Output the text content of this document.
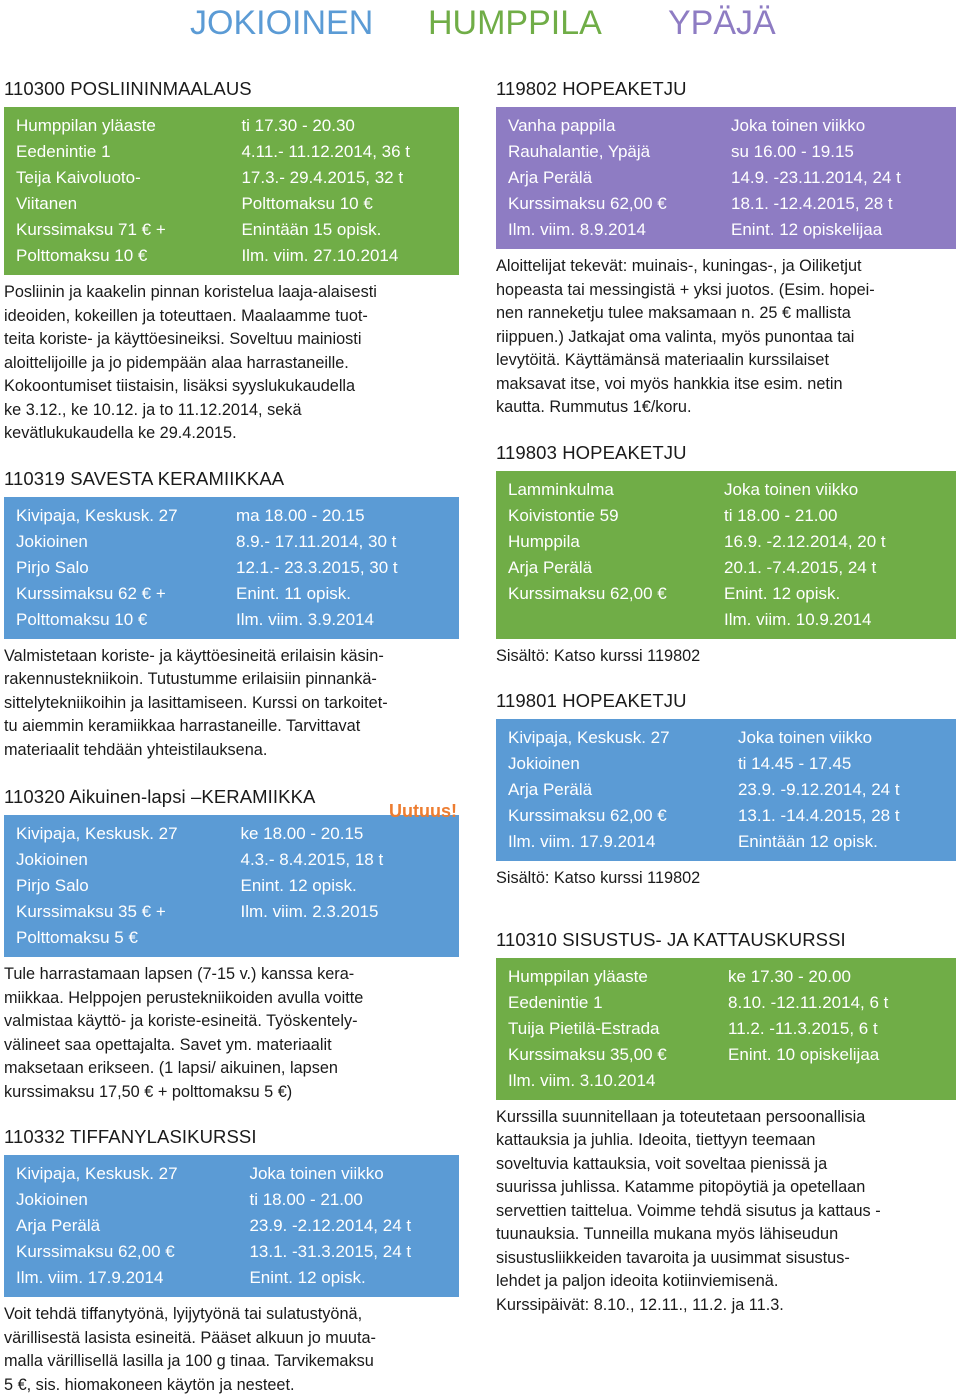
JOKIOINEN HUMPPILA YPÄJÄ
110300 POSLIININMAALAUS
Humppilan yläaste
Eedenintie 1
Teija Kaivoluoto-
Viitanen
Kurssimaksu 71 € +
Polttomaksu 10 €
ti 17.30 - 20.30
4.11.- 11.12.2014, 36 t
17.3.- 29.4.2015, 32 t
Polttomaksu 10 €
Enintään 15 opisk.
Ilm. viim. 27.10.2014
Posliinin ja kaakelin pinnan koristelua laaja-alaisesti
ideoiden, kokeillen ja toteuttaen. Maalaamme tuot-
teita koriste- ja käyttöesineiksi. Soveltuu mainiosti
aloittelijoille ja jo pidempään alaa harrastaneille.
Kokoontumiset tiistaisin, lisäksi syyslukukaudella
ke 3.12., ke 10.12. ja to 11.12.2014, sekä
kevätlukukaudella ke 29.4.2015.
110319 SAVESTA KERAMIIKKAA
Kivipaja, Keskusk. 27
Jokioinen
Pirjo Salo
Kurssimaksu 62 € +
Polttomaksu 10 €
ma 18.00 - 20.15
8.9.- 17.11.2014, 30 t
12.1.- 23.3.2015, 30 t
Enint. 11 opisk.
Ilm. viim. 3.9.2014
Valmistetaan koriste- ja käyttöesineitä erilaisin käsin-
rakennustekniikoin. Tutustumme erilaisiin pinnankä-
sittelytekniikoihin ja lasittamiseen. Kurssi on tarkoitet-
tu aiemmin keramiikkaa harrastaneille. Tarvittavat
materiaalit tehdään yhteistilauksena.
110320 Aikuinen-lapsi –KERAMIIKKA
Uutuus!
Kivipaja, Keskusk. 27
Jokioinen
Pirjo Salo
Kurssimaksu 35 € +
Polttomaksu 5 €
ke 18.00 - 20.15
4.3.- 8.4.2015, 18 t
Enint. 12 opisk.
Ilm. viim. 2.3.2015

Tule harrastamaan lapsen (7-15 v.) kanssa kera-
miikkaa. Helppojen perustekniikoiden avulla voitte
valmistaa käyttö- ja koriste-esineitä. Työskentely-
välineet saa opettajalta. Savet ym. materiaalit
maksetaan erikseen. (1 lapsi/ aikuinen, lapsen
kurssimaksu 17,50 € + polttomaksu 5 €)
110332 TIFFANYLASIKURSSI
Kivipaja, Keskusk. 27
Jokioinen
Arja Perälä
Kurssimaksu 62,00 €
Ilm. viim. 17.9.2014
Joka toinen viikko
ti 18.00 - 21.00
23.9. -2.12.2014, 24 t
13.1. -31.3.2015, 24 t
Enint. 12 opisk.
Voit tehdä tiffanytyönä, lyijytyönä tai sulatustyönä,
värillisestä lasista esineitä. Pääset alkuun jo muuta-
malla värillisellä lasilla ja 100 g tinaa. Tarvikemaksu
5 €, sis. hiomakoneen käytön ja nesteet.
119802 HOPEAKETJU
Vanha pappila
Rauhalantie, Ypäjä
Arja Perälä
Kurssimaksu 62,00 €
Ilm. viim. 8.9.2014
Joka toinen viikko
su 16.00 - 19.15
14.9. -23.11.2014, 24 t
18.1. -12.4.2015, 28 t
Enint. 12 opiskelijaa
Aloittelijat tekevät: muinais-, kuningas-, ja Oiliketjut
hopeasta tai messingistä + yksi juotos. (Esim. hopei-
nen ranneketju tulee maksamaan n. 25 € mallista
riippuen.) Jatkajat oma valinta, myös punontaa tai
levytöitä. Käyttämänsä materiaalin kurssilaiset
maksavat itse, voi myös hankkia itse esim. netin
kautta. Rummutus 1€/koru.
119803 HOPEAKETJU
Lamminkulma
Koivistontie 59
Humppila
Arja Perälä
Kurssimaksu 62,00 €

Joka toinen viikko
ti 18.00 - 21.00
16.9. -2.12.2014, 20 t
20.1. -7.4.2015, 24 t
Enint. 12 opisk.
Ilm. viim. 10.9.2014
Sisältö: Katso kurssi 119802
119801 HOPEAKETJU
Kivipaja, Keskusk. 27
Jokioinen
Arja Perälä
Kurssimaksu 62,00 €
Ilm. viim. 17.9.2014
Joka toinen viikko
ti 14.45 - 17.45
23.9. -9.12.2014, 24 t
13.1. -14.4.2015, 28 t
Enintään 12 opisk.
Sisältö: Katso kurssi 119802
110310 SISUSTUS- JA KATTAUSKURSSI
Humppilan yläaste
Eedenintie 1
Tuija Pietilä-Estrada
Kurssimaksu 35,00 €
Ilm. viim. 3.10.2014
ke 17.30 - 20.00
8.10. -12.11.2014, 6 t
11.2. -11.3.2015, 6 t
Enint. 10 opiskelijaa

Kurssilla suunnitellaan ja toteutetaan persoonallisia
kattauksia ja juhlia. Ideoita, tiettyyn teemaan
soveltuvia kattauksia, voit soveltaa pienissä ja
suurissa juhlissa. Katamme pitopöytiä ja opetellaan
servettien taittelua. Voimme tehdä sisutus ja kattaus -
tuunauksia. Tunneilla mukana myös lähiseudun
sisustusliikkeiden tavaroita ja uusimmat sisustus-
lehdet ja paljon ideoita kotiinviemisenä.
Kurssipäivät: 8.10., 12.11., 11.2. ja 11.3.
